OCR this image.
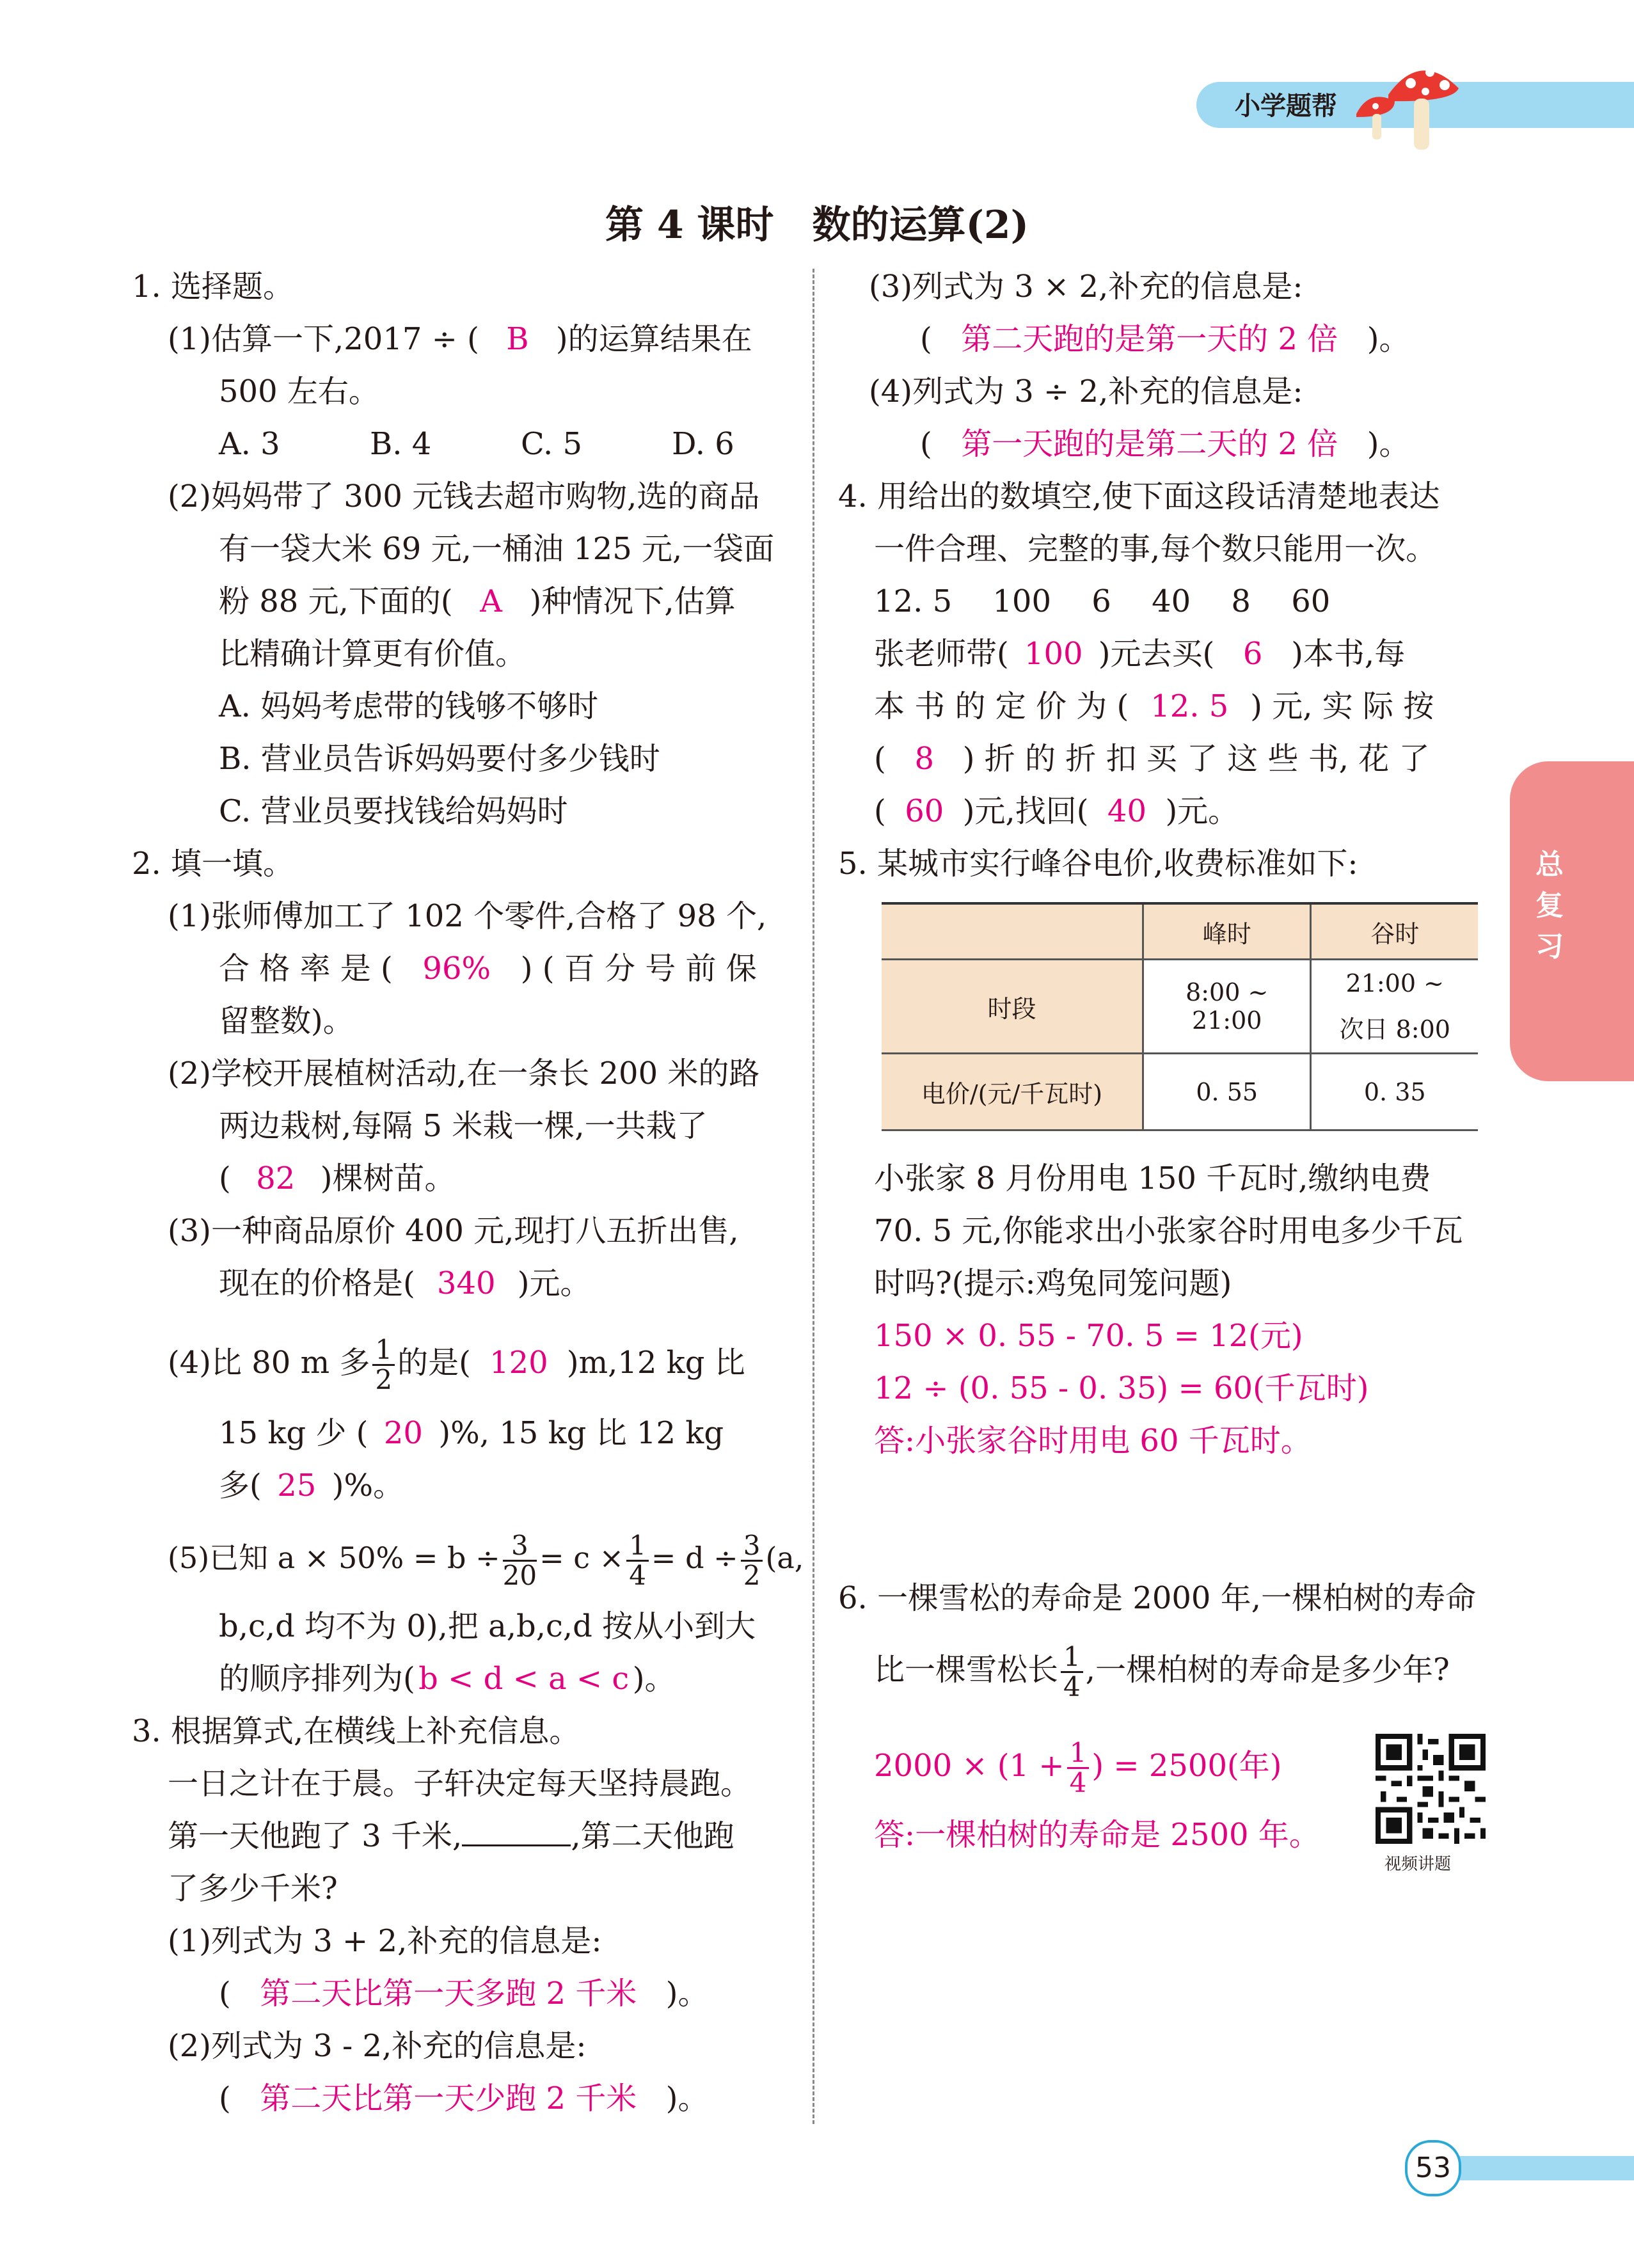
小学题帮
第 4 课时　数的运算(2)
总复习
1. 选择题。
(1)估算一下,2017 ÷ ( B )的运算结果在
500 左右。
A. 3	B. 4	C. 5	D. 6
(2)妈妈带了 300 元钱去超市购物,选的商品
有一袋大米 69 元,一桶油 125 元,一袋面
粉 88 元,下面的( A )种情况下,估算
比精确计算更有价值。
A. 妈妈考虑带的钱够不够时
B. 营业员告诉妈妈要付多少钱时
C. 营业员要找钱给妈妈时
2. 填一填。
(1)张师傅加工了 102 个零件,合格了 98 个,
合 格 率 是 ( 96% ) ( 百 分 号 前 保
留整数)。
(2)学校开展植树活动,在一条长 200 米的路
两边栽树,每隔 5 米栽一棵,一共栽了
( 82 )棵树苗。
(3)一种商品原价 400 元,现打八五折出售,
现在的价格是( 340 )元。
(4)比 80 m 多 $\frac{1}{2}$ 的是( 120 )m,12 kg 比
15 kg 少 ( 20 )%, 15 kg 比 12 kg
多( 25 )%。
(5)已知 $a \times 50\% = b \div \frac{3}{20} = c \times \frac{1}{4} = d \div \frac{3}{2} (a$,
b,c,d 均不为 0),把 a,b,c,d 按从小到大
的顺序排列为( b < d < a < c )。
3. 根据算式,在横线上补充信息。
一日之计在于晨。子轩决定每天坚持晨跑。
第一天他跑了 3 千米,	,第二天他跑
了多少千米?
(1)列式为 3 + 2,补充的信息是:
( 第二天比第一天多跑 2 千米 )。
(2)列式为 3 - 2,补充的信息是:
( 第二天比第一天少跑 2 千米 )。
(3)列式为 3 × 2,补充的信息是:
( 第二天跑的是第一天的 2 倍 )。
(4)列式为 3 ÷ 2,补充的信息是:
( 第一天跑的是第二天的 2 倍 )。
4. 用给出的数填空,使下面这段话清楚地表达
一件合理、完整的事,每个数只能用一次。
12. 5　 100　 6　 40　 8　 60
张老师带( 100 )元去买( 6 )本书,每
本 书 的 定 价 为 ( 12. 5 ) 元, 实 际 按
( 8 ) 折 的 折 扣 买 了 这 些 书, 花 了
( 60 )元,找回( 40 )元。
5. 某城市实行峰谷电价,收费标准如下:
	峰时	谷时
时段	8:00 ~ 21:00	21:00 ~
次日 8:00
电价/(元/千瓦时)	0. 55	0. 35
小张家 8 月份用电 150 千瓦时,缴纳电费
70. 5 元,你能求出小张家谷时用电多少千瓦
时吗?(提示:鸡兔同笼问题)
150 × 0. 55 - 70. 5 = 12(元)
12 ÷ (0. 55 - 0. 35) = 60(千瓦时)
答:小张家谷时用电 60 千瓦时。
6. 一棵雪松的寿命是 2000 年,一棵柏树的寿命
比一棵雪松长 $\frac{1}{4}$ ,一棵柏树的寿命是多少年?
$2000 \times (1 + \frac{1}{4}$ ) = 2500(年)
答:一棵柏树的寿命是 2500 年。
视频讲题
53
